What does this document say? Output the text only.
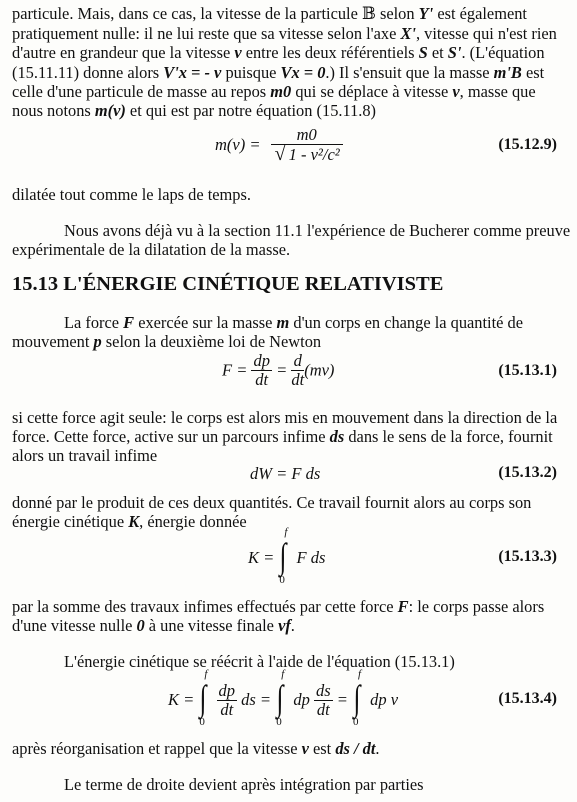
particule. Mais, dans ce cas, la vitesse de la particule 𝔹 selon Y' est également
pratiquement nulle: il ne lui reste que sa vitesse selon l'axe X', vitesse qui n'est rien
d'autre en grandeur que la vitesse v entre les deux référentiels S et S'. (L'équation
(15.11.11) donne alors V'x = - v puisque Vx = 0.) Il s'ensuit que la masse m'B est
celle d'une particule de masse au repos m0 qui se déplace à vitesse v, masse que
nous notons m(v) et qui est par notre équation (15.11.8)
$m(v) = \frac{m0}{\text{√ 1 - v²/c²}}$	(15.12.9)
dilatée tout comme le laps de temps.
Nous avons déjà vu à la section 11.1 l'expérience de Bucherer comme preuve
expérimentale de la dilatation de la masse.
15.13 L'ÉNERGIE CINÉTIQUE RELATIVISTE
La force F exercée sur la masse m d'un corps en change la quantité de
mouvement p selon la deuxième loi de Newton
$F = \frac{dp}{dt} = \frac{d}{dt} (mv)$	(15.13.1)
si cette force agit seule: le corps est alors mis en mouvement dans la direction de la
force. Cette force, active sur un parcours infime ds dans le sens de la force, fournit
alors un travail infime
dW = F ds	(15.13.2)
donné par le produit de ces deux quantités. Ce travail fournit alors au corps son
énergie cinétique K, énergie donnée
K =
f
∫
0
F ds	(15.13.3)
par la somme des travaux infimes effectués par cette force F: le corps passe alors
d'une vitesse nulle 0 à une vitesse finale vf.
L'énergie cinétique se réécrit à l'aide de l'équation (15.13.1)
K =
f
∫
0

$\frac{dp}{dt}$ ds =
f
∫
0
dp $\frac{ds}{dt}$ =
f
∫
0
dp v	(15.13.4)
après réorganisation et rappel que la vitesse v est ds / dt.
Le terme de droite devient après intégration par parties
